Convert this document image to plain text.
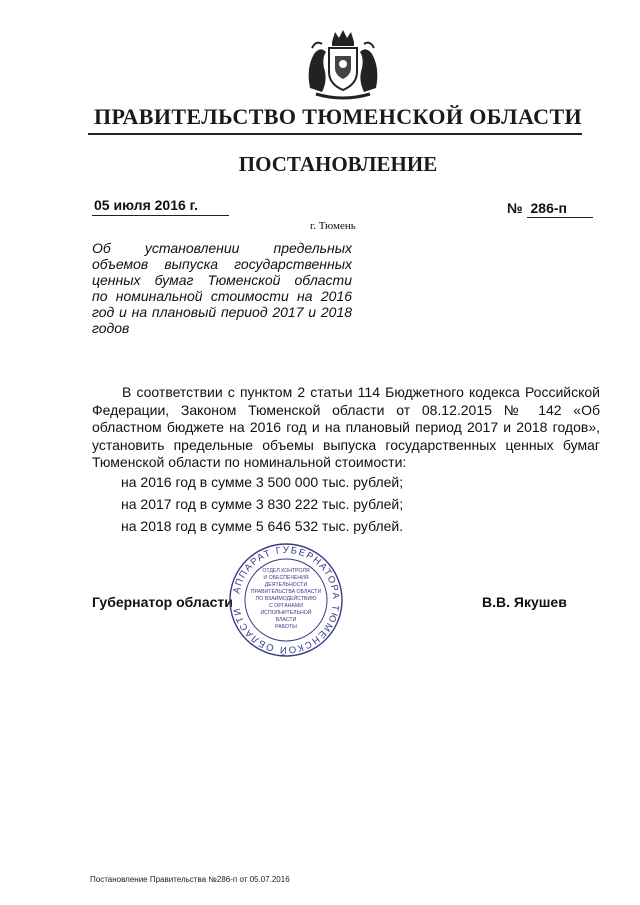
ПРАВИТЕЛЬСТВО ТЮМЕНСКОЙ ОБЛАСТИ
ПОСТАНОВЛЕНИЕ
05 июля 2016 г.
г. Тюмень
№ 286-п
Об установлении предельных
объемов выпуска государственных
ценных бумаг Тюменской области
по номинальной стоимости на 2016
год и на плановый период 2017 и 2018
годов
В соответствии с пунктом 2 статьи 114 Бюджетного кодекса Российской Федерации, Законом Тюменской области от 08.12.2015 № 142 «Об областном бюджете на 2016 год и на плановый период 2017 и 2018 годов», установить предельные объемы выпуска государственных ценных бумаг Тюменской области по номинальной стоимости:
на 2016 год в сумме 3 500 000 тыс. рублей;
на 2017 год в сумме 3 830 222 тыс. рублей;
на 2018 год в сумме 5 646 532 тыс. рублей.
Губернатор области	В.В. Якушев
АППАРАТ ГУБЕРНАТОРА ТЮМЕНСКОЙ ОБЛАСТИ
ОТДЕЛ КОНТРОЛЯ
И ОБЕСПЕЧЕНИЯ
ДЕЯТЕЛЬНОСТИ
ПРАВИТЕЛЬСТВА ОБЛАСТИ
ПО ВЗАИМОДЕЙСТВИЮ
С ОРГАНАМИ
ИСПОЛНИТЕЛЬНОЙ
ВЛАСТИ
РАБОТЫ
Постановление Правительства №286-п от 05.07.2016
